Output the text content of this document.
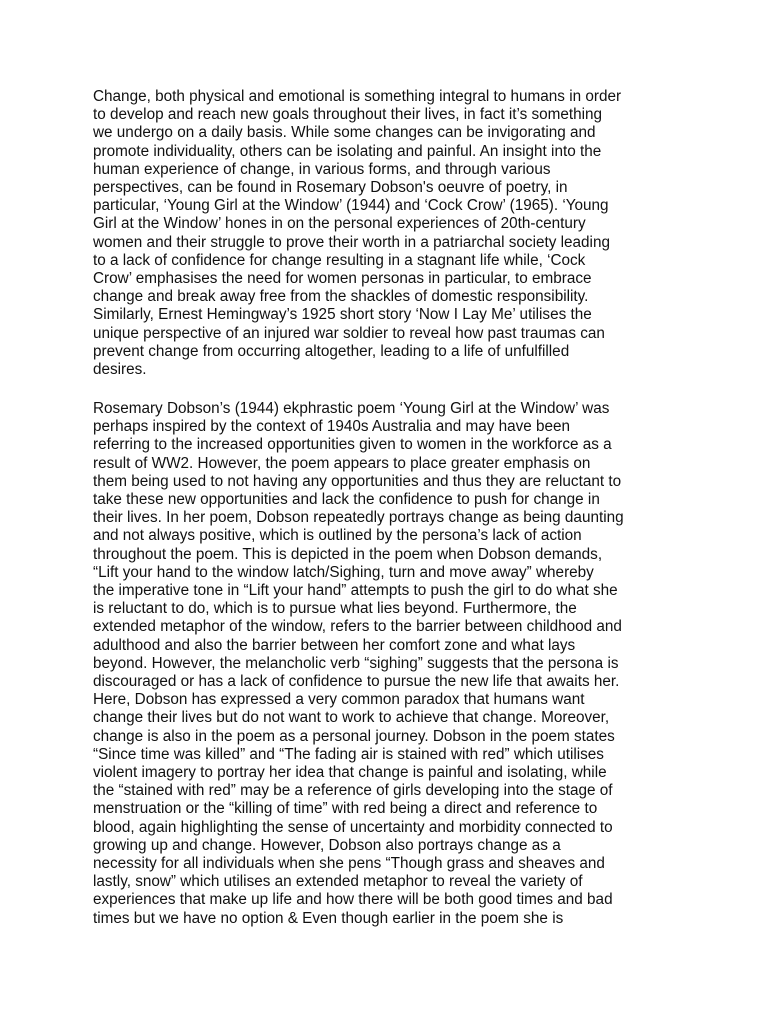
Change, both physical and emotional is something integral to humans in order
to develop and reach new goals throughout their lives, in fact it’s something
we undergo on a daily basis. While some changes can be invigorating and
promote individuality, others can be isolating and painful. An insight into the
human experience of change, in various forms, and through various
perspectives, can be found in Rosemary Dobson's oeuvre of poetry, in
particular, ‘Young Girl at the Window’ (1944) and ‘Cock Crow’ (1965). ‘Young
Girl at the Window’ hones in on the personal experiences of 20th-century
women and their struggle to prove their worth in a patriarchal society leading
to a lack of confidence for change resulting in a stagnant life while, ‘Cock
Crow’ emphasises the need for women personas in particular, to embrace
change and break away free from the shackles of domestic responsibility.
Similarly, Ernest Hemingway’s 1925 short story ‘Now I Lay Me’ utilises the
unique perspective of an injured war soldier to reveal how past traumas can
prevent change from occurring altogether, leading to a life of unfulfilled
desires.
Rosemary Dobson’s (1944) ekphrastic poem ‘Young Girl at the Window’ was
perhaps inspired by the context of 1940s Australia and may have been
referring to the increased opportunities given to women in the workforce as a
result of WW2. However, the poem appears to place greater emphasis on
them being used to not having any opportunities and thus they are reluctant to
take these new opportunities and lack the confidence to push for change in
their lives. In her poem, Dobson repeatedly portrays change as being daunting
and not always positive, which is outlined by the persona’s lack of action
throughout the poem. This is depicted in the poem when Dobson demands,
“Lift your hand to the window latch/Sighing, turn and move away” whereby
the imperative tone in “Lift your hand” attempts to push the girl to do what she
is reluctant to do, which is to pursue what lies beyond. Furthermore, the
extended metaphor of the window, refers to the barrier between childhood and
adulthood and also the barrier between her comfort zone and what lays
beyond. However, the melancholic verb “sighing” suggests that the persona is
discouraged or has a lack of confidence to pursue the new life that awaits her.
Here, Dobson has expressed a very common paradox that humans want
change their lives but do not want to work to achieve that change. Moreover,
change is also in the poem as a personal journey. Dobson in the poem states
“Since time was killed” and “The fading air is stained with red” which utilises
violent imagery to portray her idea that change is painful and isolating, while
the “stained with red” may be a reference of girls developing into the stage of
menstruation or the “killing of time” with red being a direct and reference to
blood, again highlighting the sense of uncertainty and morbidity connected to
growing up and change. However, Dobson also portrays change as a
necessity for all individuals when she pens “Though grass and sheaves and
lastly, snow” which utilises an extended metaphor to reveal the variety of
experiences that make up life and how there will be both good times and bad
times but we have no option & Even though earlier in the poem she is
